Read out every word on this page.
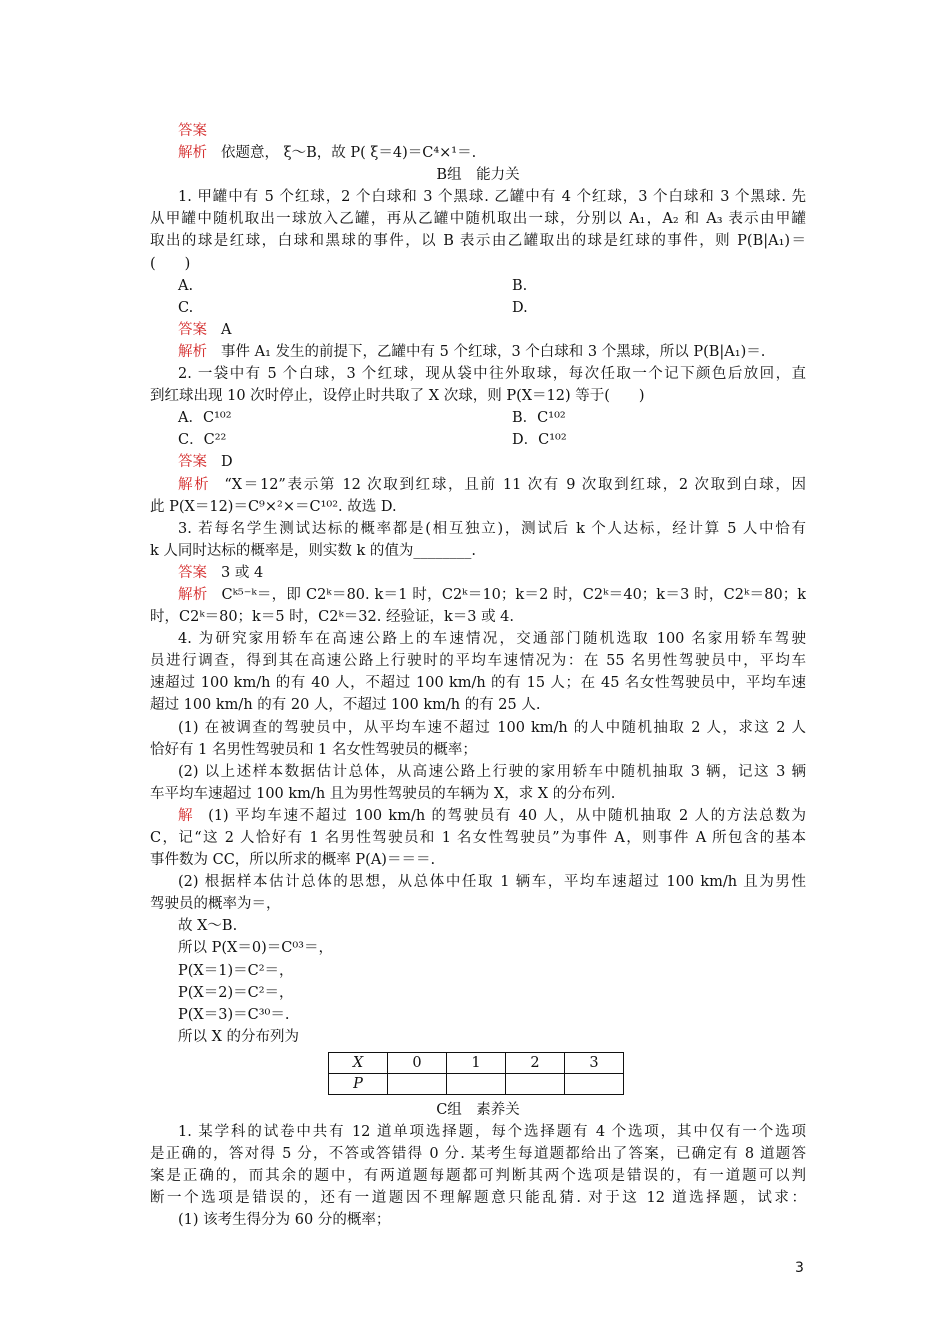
答案
解析 依题意， ξ～B，故 P( ξ＝4)＝C⁴×¹＝.
B组　能力关
1. 甲罐中有 5 个红球，2 个白球和 3 个黑球. 乙罐中有 4 个红球，3 个白球和 3 个黑球. 先
从甲罐中随机取出一球放入乙罐，再从乙罐中随机取出一球，分别以 A₁，A₂ 和 A₃ 表示由甲罐
取出的球是红球，白球和黑球的事件，以 B 表示由乙罐取出的球是红球的事件，则 P(B|A₁)＝
(　　)
A.	B.
C.	D.
答案 A
解析 事件 A₁ 发生的前提下，乙罐中有 5 个红球，3 个白球和 3 个黑球，所以 P(B|A₁)＝.
2. 一袋中有 5 个白球，3 个红球，现从袋中往外取球，每次任取一个记下颜色后放回，直
到红球出现 10 次时停止，设停止时共取了 X 次球，则 P(X＝12) 等于(　　)
A．C¹⁰²	B．C¹⁰²
C．C²²	D．C¹⁰²
答案 D
解析 “X＝12”表示第 12 次取到红球，且前 11 次有 9 次取到红球，2 次取到白球，因
此 P(X＝12)＝C⁹×²×＝C¹⁰². 故选 D.
3. 若每名学生测试达标的概率都是(相互独立)，测试后 k 个人达标，经计算 5 人中恰有
k 人同时达标的概率是，则实数 k 的值为________.
答案 3 或 4
解析 Cᵏ⁵⁻ᵏ＝，即 C2ᵏ＝80. k＝1 时，C2ᵏ＝10；k＝2 时，C2ᵏ＝40；k＝3 时，C2ᵏ＝80；k
时，C2ᵏ＝80；k＝5 时，C2ᵏ＝32. 经验证，k＝3 或 4.
4. 为研究家用轿车在高速公路上的车速情况，交通部门随机选取 100 名家用轿车驾驶
员进行调查，得到其在高速公路上行驶时的平均车速情况为：在 55 名男性驾驶员中，平均车
速超过 100 km/h 的有 40 人，不超过 100 km/h 的有 15 人；在 45 名女性驾驶员中，平均车速
超过 100 km/h 的有 20 人，不超过 100 km/h 的有 25 人.
(1) 在被调查的驾驶员中，从平均车速不超过 100 km/h 的人中随机抽取 2 人，求这 2 人
恰好有 1 名男性驾驶员和 1 名女性驾驶员的概率；
(2) 以上述样本数据估计总体，从高速公路上行驶的家用轿车中随机抽取 3 辆，记这 3 辆
车平均车速超过 100 km/h 且为男性驾驶员的车辆为 X，求 X 的分布列.
解 (1) 平均车速不超过 100 km/h 的驾驶员有 40 人，从中随机抽取 2 人的方法总数为
C，记“这 2 人恰好有 1 名男性驾驶员和 1 名女性驾驶员”为事件 A，则事件 A 所包含的基本
事件数为 CC，所以所求的概率 P(A)＝＝＝.
(2) 根据样本估计总体的思想，从总体中任取 1 辆车，平均车速超过 100 km/h 且为男性
驾驶员的概率为＝，
故 X～B.
所以 P(X＝0)＝C⁰³＝，
P(X＝1)＝C²＝，
P(X＝2)＝C²＝，
P(X＝3)＝C³⁰＝.
所以 X 的分布列为
X	0	1	2	3
P				
C组　素养关
1. 某学科的试卷中共有 12 道单项选择题，每个选择题有 4 个选项，其中仅有一个选项
是正确的，答对得 5 分，不答或答错得 0 分. 某考生每道题都给出了答案，已确定有 8 道题答
案是正确的，而其余的题中，有两道题每题都可判断其两个选项是错误的，有一道题可以判
断一个选项是错误的，还有一道题因不理解题意只能乱猜. 对于这 12 道选择题，试求：
(1) 该考生得分为 60 分的概率；
3
